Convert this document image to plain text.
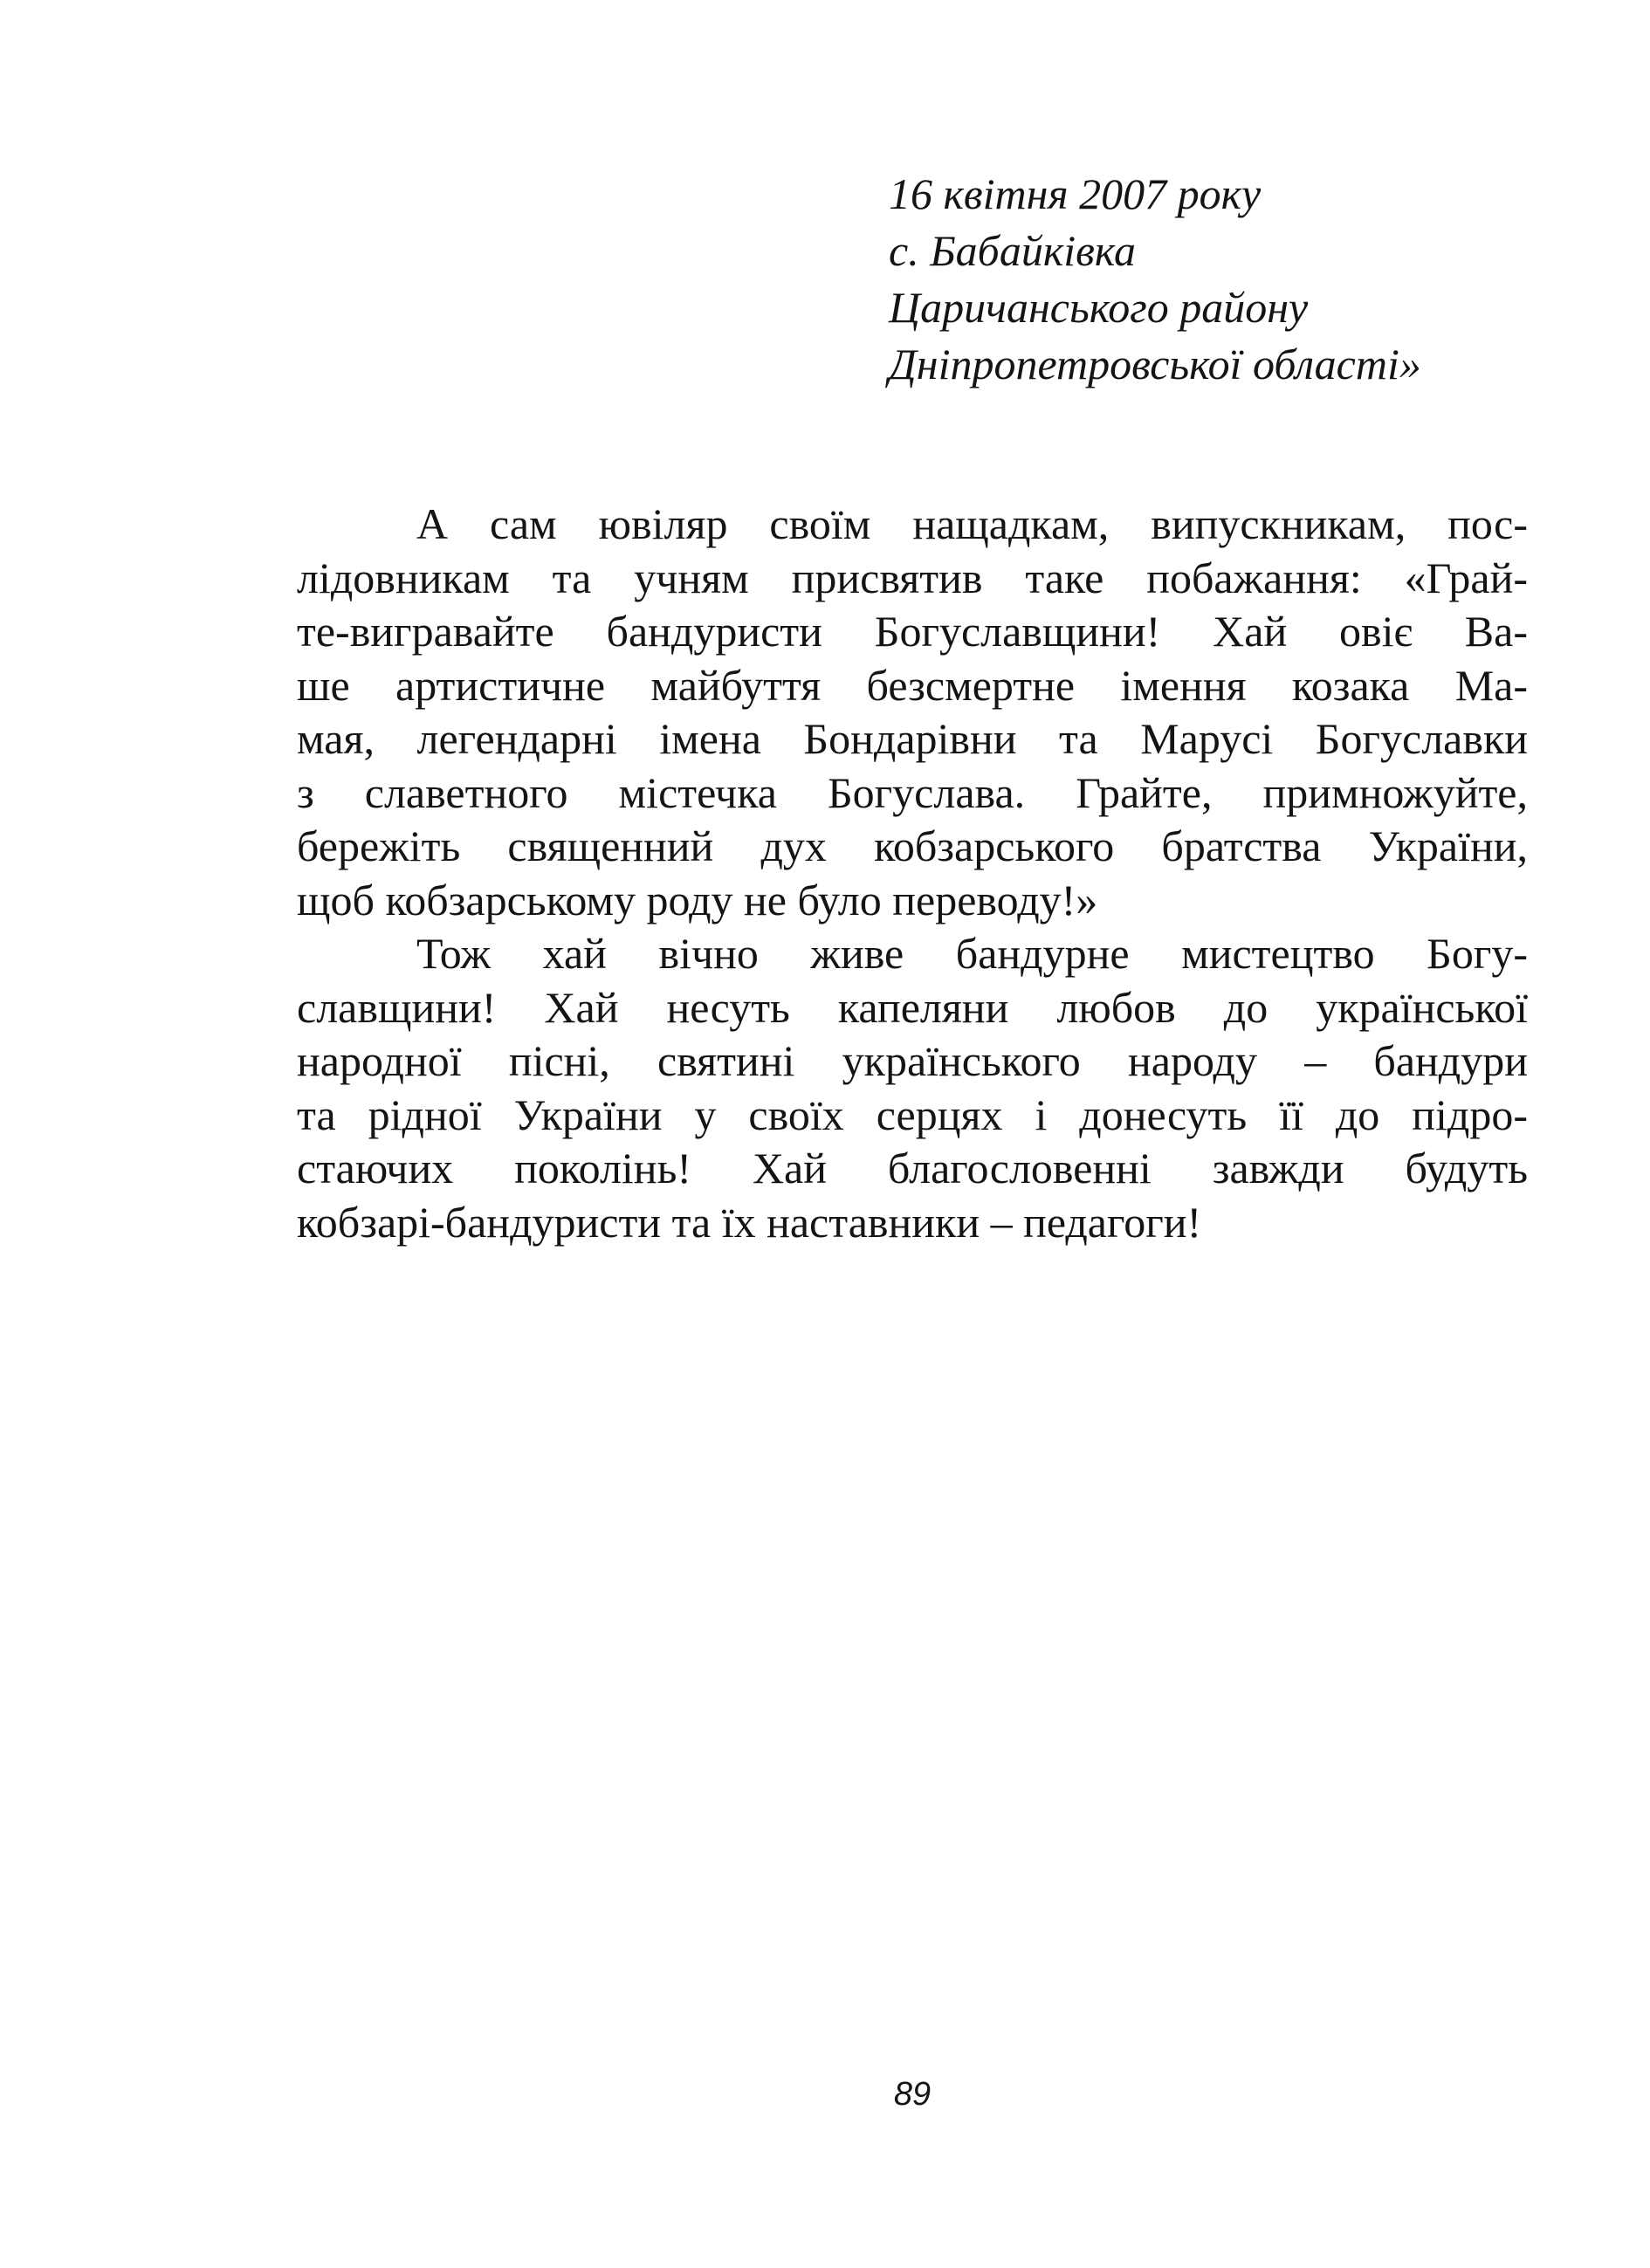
16 квітня 2007 року
с. Бабайківка
Царичанського району
Дніпропетровської області»
А сам ювіляр своїм нащадкам, випускникам, пос-
лідовникам та учням присвятив таке побажання: «Грай-
те-вигравайте бандуристи Богуславщини! Хай овіє Ва-
ше артистичне майбуття безсмертне імення козака Ма-
мая, легендарні імена Бондарівни та Марусі Богуславки
з славетного містечка Богуслава. Грайте, примножуйте,
бережіть священний дух кобзарського братства України,
щоб кобзарському роду не було переводу!»
Тож хай вічно живе бандурне мистецтво Богу-
славщини! Хай несуть капеляни любов до української
народної пісні, святині українського народу – бандури
та рідної України у своїх серцях і донесуть її до підро-
стаючих поколінь! Хай благословенні завжди будуть
кобзарі-бандуристи та їх наставники – педагоги!
89
